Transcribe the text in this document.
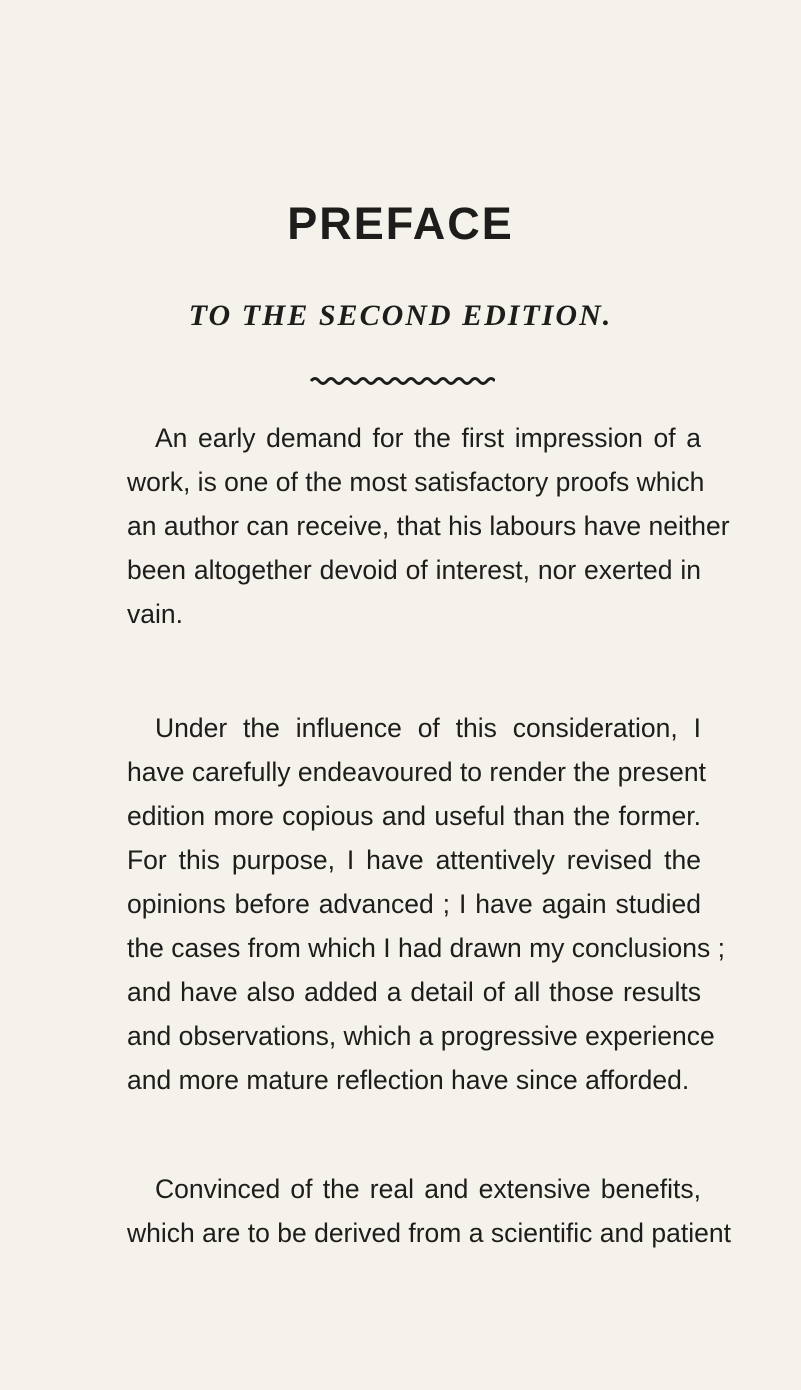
PREFACE
TO THE SECOND EDITION.
An early demand for the first impression of a
work, is one of the most satisfactory proofs which
an author can receive, that his labours have neither
been altogether devoid of interest, nor exerted in
vain.
Under the influence of this consideration, I
have carefully endeavoured to render the present
edition more copious and useful than the former.
For this purpose, I have attentively revised the
opinions before advanced ; I have again studied
the cases from which I had drawn my conclusions ;
and have also added a detail of all those results
and observations, which a progressive experience
and more mature reflection have since afforded.
Convinced of the real and extensive benefits,
which are to be derived from a scientific and patient
